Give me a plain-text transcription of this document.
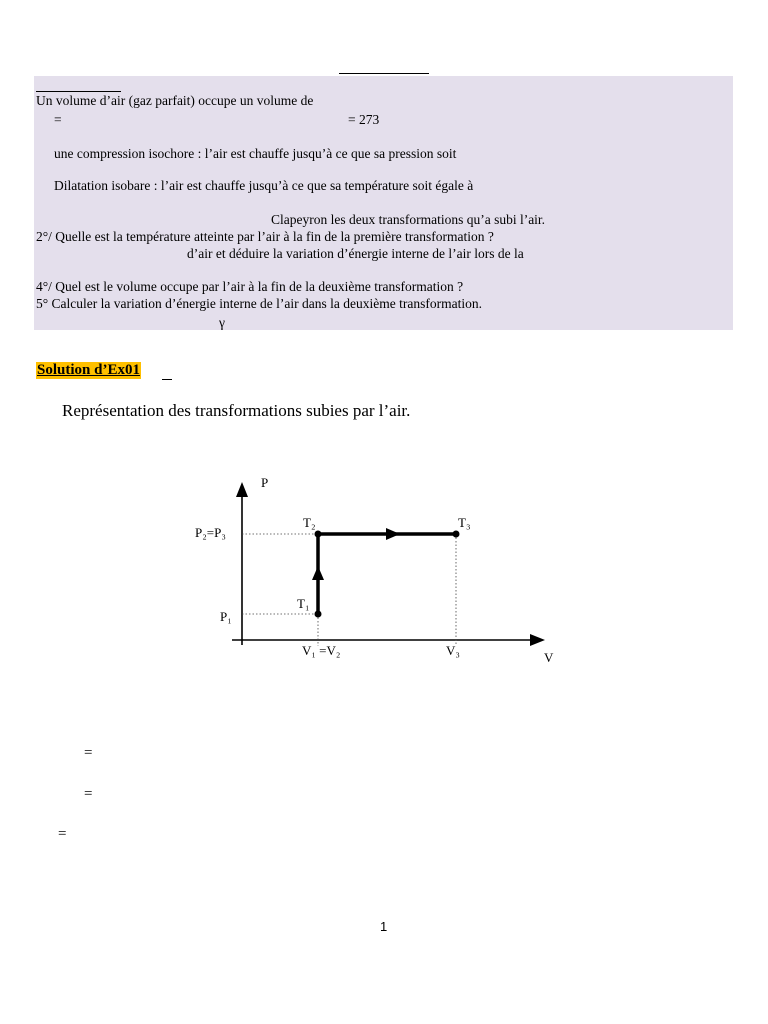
Un volume d’air (gaz parfait) occupe un volume de
=	= 273
une compression isochore : l’air est chauffe jusqu’à ce que sa pression soit
Dilatation isobare : l’air est chauffe jusqu’à ce que sa température soit égale à
Clapeyron les deux transformations qu’a subi l’air.
2°/ Quelle est la température atteinte par l’air à la fin de la première transformation ?
d’air et déduire la variation d’énergie interne de l’air lors de la
4°/ Quel est le volume occupe par l’air à la fin de la deuxième transformation ?
5° Calculer la variation d’énergie interne de l’air dans la deuxième transformation.
γ
Solution d’Ex01
Représentation des transformations subies par l’air.
P
V
P₂=P₃
P₁
T₁
T₂	T₃
V₁ =V₂	V₃
=
=
=
1
